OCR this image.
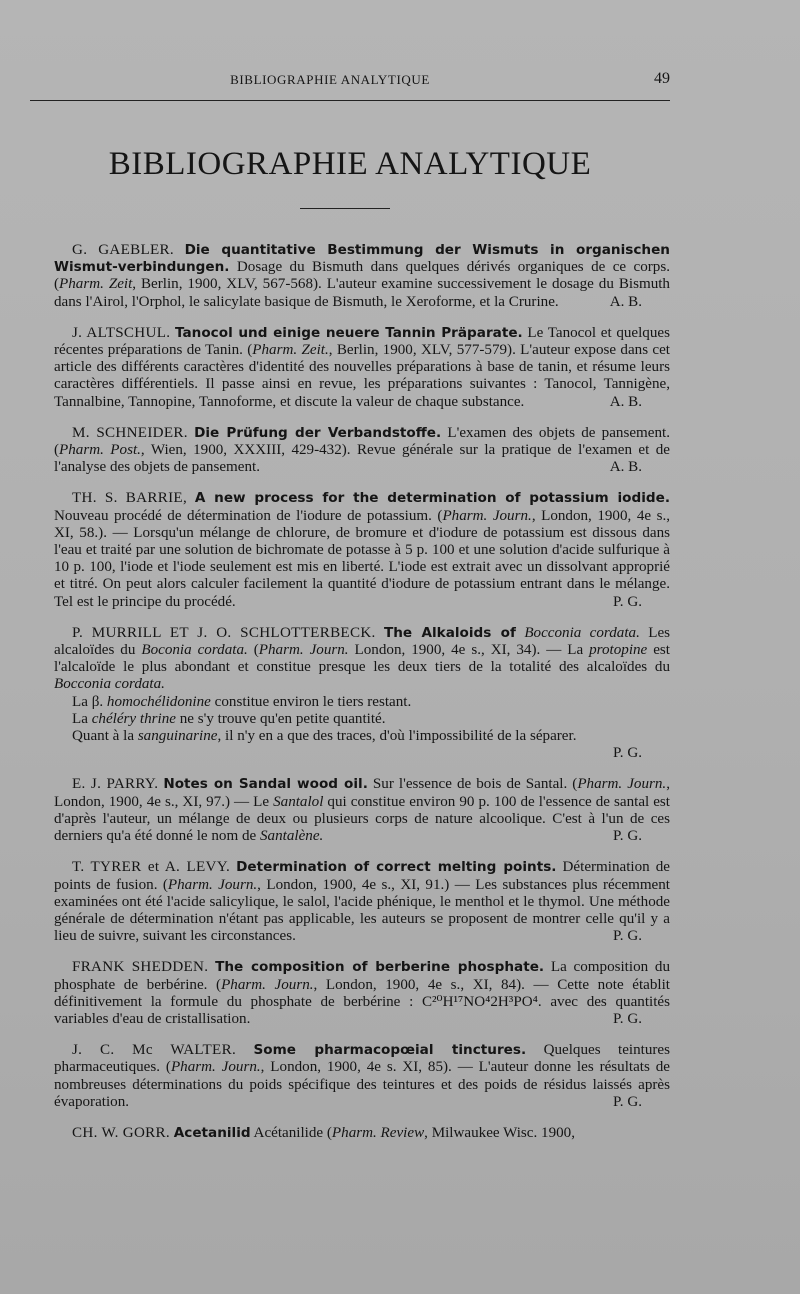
BIBLIOGRAPHIE ANALYTIQUE	49
BIBLIOGRAPHIE ANALYTIQUE
G. GAEBLER. Die quantitative Bestimmung der Wismuts in organischen Wismut-verbindungen. Dosage du Bismuth dans quelques dérivés organiques de ce corps. (Pharm. Zeit, Berlin, 1900, XLV, 567-568). L'auteur examine successivement le dosage du Bismuth dans l'Airol, l'Orphol, le salicylate basique de Bismuth, le Xeroforme, et la Crurine.	A. B.
J. ALTSCHUL. Tanocol und einige neuere Tannin Präparate. Le Tanocol et quelques récentes préparations de Tanin. (Pharm. Zeit., Berlin, 1900, XLV, 577-579). L'auteur expose dans cet article des différents caractères d'identité des nouvelles préparations à base de tanin, et résume leurs caractères différentiels. Il passe ainsi en revue, les préparations suivantes : Tanocol, Tannigène, Tannalbine, Tannopine, Tannoforme, et discute la valeur de chaque substance.	A. B.
M. SCHNEIDER. Die Prüfung der Verbandstoffe. L'examen des objets de pansement. (Pharm. Post., Wien, 1900, XXXIII, 429-432). Revue générale sur la pratique de l'examen et de l'analyse des objets de pansement.	A. B.
TH. S. BARRIE, A new process for the determination of potassium iodide. Nouveau procédé de détermination de l'iodure de potassium. (Pharm. Journ., London, 1900, 4e s., XI, 58.). — Lorsqu'un mélange de chlorure, de bromure et d'iodure de potassium est dissous dans l'eau et traité par une solution de bichromate de potasse à 5 p. 100 et une solution d'acide sulfurique à 10 p. 100, l'iode et l'iode seulement est mis en liberté. L'iode est extrait avec un dissolvant approprié et titré. On peut alors calculer facilement la quantité d'iodure de potassium entrant dans le mélange. Tel est le principe du procédé.	P. G.
P. MURRILL ET J. O. SCHLOTTERBECK. The Alkaloids of Bocconia cordata. Les alcaloïdes du Boconia cordata. (Pharm. Journ. London, 1900, 4e s., XI, 34). — La protopine est l'alcaloïde le plus abondant et constitue presque les deux tiers de la totalité des alcaloïdes du Bocconia cordata.
La β. homochélidonine constitue environ le tiers restant.
La chéléry thrine ne s'y trouve qu'en petite quantité.
Quant à la sanguinarine, il n'y en a que des traces, d'où l'impossibilité de la séparer.
P. G.
E. J. PARRY. Notes on Sandal wood oil. Sur l'essence de bois de Santal. (Pharm. Journ., London, 1900, 4e s., XI, 97.) — Le Santalol qui constitue environ 90 p. 100 de l'essence de santal est d'après l'auteur, un mélange de deux ou plusieurs corps de nature alcoolique. C'est à l'un de ces derniers qu'a été donné le nom de Santalène.	P. G.
T. TYRER et A. LEVY. Determination of correct melting points. Détermination de points de fusion. (Pharm. Journ., London, 1900, 4e s., XI, 91.) — Les substances plus récemment examinées ont été l'acide salicylique, le salol, l'acide phénique, le menthol et le thymol. Une méthode générale de détermination n'étant pas applicable, les auteurs se proposent de montrer celle qu'il y a lieu de suivre, suivant les circonstances.	P. G.
FRANK SHEDDEN. The composition of berberine phosphate. La composition du phosphate de berbérine. (Pharm. Journ., London, 1900, 4e s., XI, 84). — Cette note établit définitivement la formule du phosphate de berbérine : C²⁰H¹⁷NO⁴2H³PO⁴. avec des quantités variables d'eau de cristallisation.	P. G.
J. C. Mc WALTER. Some pharmacopœial tinctures. Quelques teintures pharmaceutiques. (Pharm. Journ., London, 1900, 4e s. XI, 85). — L'auteur donne les résultats de nombreuses déterminations du poids spécifique des teintures et des poids de résidus laissés après évaporation.	P. G.
CH. W. GORR. Acetanilid Acétanilide (Pharm. Review, Milwaukee Wisc. 1900,
